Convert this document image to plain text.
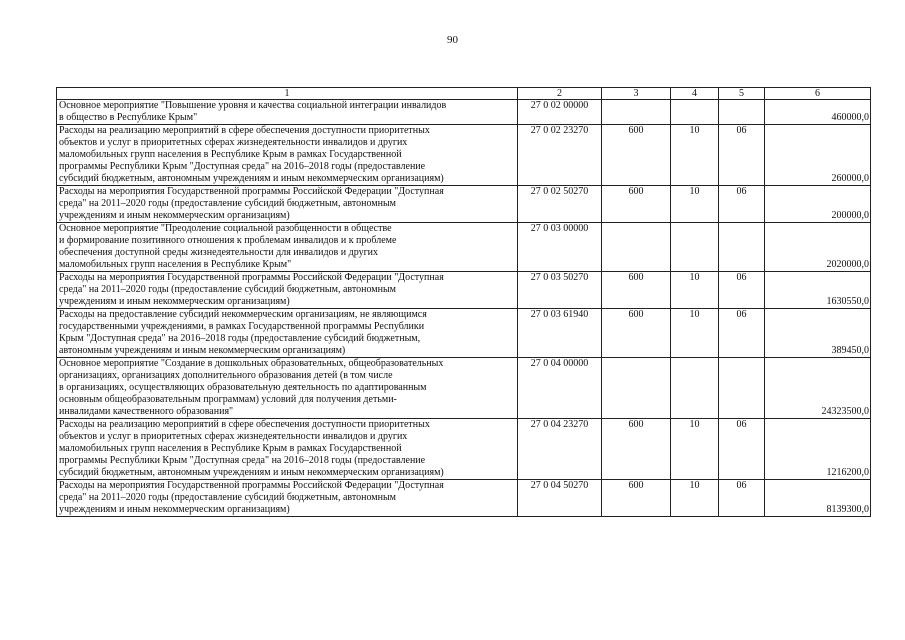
90
1	2	3	4	5	6
Основное мероприятие "Повышение уровня и качества социальной интеграции инвалидов
в общество в Республике Крым"	27 0 02 00000				460000,0
Расходы на реализацию мероприятий в сфере обеспечения доступности приоритетных
объектов и услуг в приоритетных сферах жизнедеятельности инвалидов и других
маломобильных групп населения в Республике Крым в рамках Государственной
программы Республики Крым "Доступная среда" на 2016–2018 годы (предоставление
субсидий бюджетным, автономным учреждениям и иным некоммерческим организациям)	27 0 02 23270	600	10	06	260000,0
Расходы на мероприятия Государственной программы Российской Федерации "Доступная
среда" на 2011–2020 годы (предоставление субсидий бюджетным, автономным
учреждениям и иным некоммерческим организациям)	27 0 02 50270	600	10	06	200000,0
Основное мероприятие "Преодоление социальной разобщенности в обществе
и формирование позитивного отношения к проблемам инвалидов и к проблеме
обеспечения доступной среды жизнедеятельности для инвалидов и других
маломобильных групп населения в Республике Крым"	27 0 03 00000				2020000,0
Расходы на мероприятия Государственной программы Российской Федерации "Доступная
среда" на 2011–2020 годы (предоставление субсидий бюджетным, автономным
учреждениям и иным некоммерческим организациям)	27 0 03 50270	600	10	06	1630550,0
Расходы на предоставление субсидий некоммерческим организациям, не являющимся
государственными учреждениями, в рамках Государственной программы Республики
Крым "Доступная среда" на 2016–2018 годы (предоставление субсидий бюджетным,
автономным учреждениям и иным некоммерческим организациям)	27 0 03 61940	600	10	06	389450,0
Основное мероприятие "Создание в дошкольных образовательных, общеобразовательных
организациях, организациях дополнительного образования детей (в том числе
в организациях, осуществляющих образовательную деятельность по адаптированным
основным общеобразовательным программам) условий для получения детьми-
инвалидами качественного образования"	27 0 04 00000				24323500,0
Расходы на реализацию мероприятий в сфере обеспечения доступности приоритетных
объектов и услуг в приоритетных сферах жизнедеятельности инвалидов и других
маломобильных групп населения в Республике Крым в рамках Государственной
программы Республики Крым "Доступная среда" на 2016–2018 годы (предоставление
субсидий бюджетным, автономным учреждениям и иным некоммерческим организациям)	27 0 04 23270	600	10	06	1216200,0
Расходы на мероприятия Государственной программы Российской Федерации "Доступная
среда" на 2011–2020 годы (предоставление субсидий бюджетным, автономным
учреждениям и иным некоммерческим организациям)	27 0 04 50270	600	10	06	8139300,0
